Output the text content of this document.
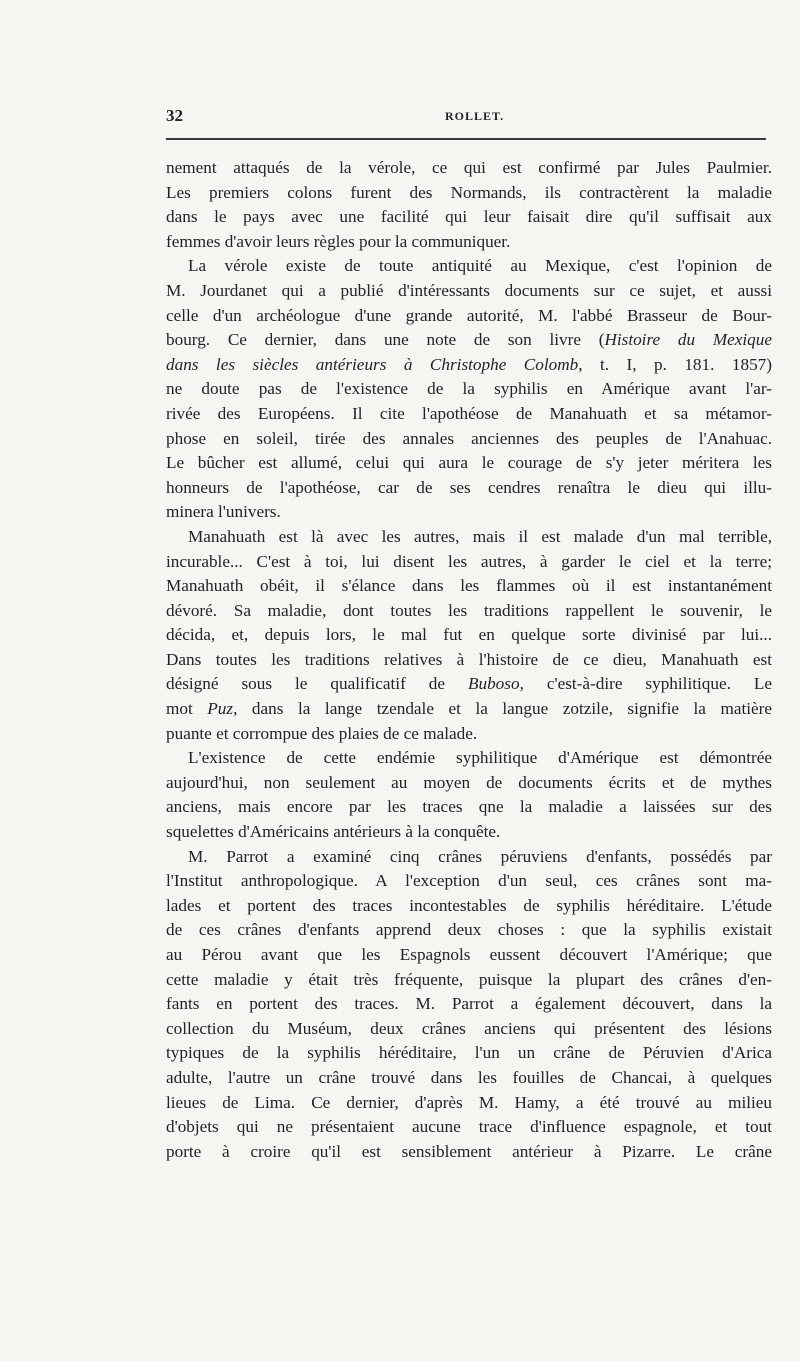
32	ROLLET.
nement attaqués de la vérole, ce qui est confirmé par Jules Paulmier.
Les premiers colons furent des Normands, ils contractèrent la maladie
dans le pays avec une facilité qui leur faisait dire qu'il suffisait aux
femmes d'avoir leurs règles pour la communiquer.
La vérole existe de toute antiquité au Mexique, c'est l'opinion de
M. Jourdanet qui a publié d'intéressants documents sur ce sujet, et aussi
celle d'un archéologue d'une grande autorité, M. l'abbé Brasseur de Bour-
bourg. Ce dernier, dans une note de son livre (Histoire du Mexique
dans les siècles antérieurs à Christophe Colomb, t. I, p. 181. 1857)
ne doute pas de l'existence de la syphilis en Amérique avant l'ar-
rivée des Européens. Il cite l'apothéose de Manahuath et sa métamor-
phose en soleil, tirée des annales anciennes des peuples de l'Anahuac.
Le bûcher est allumé, celui qui aura le courage de s'y jeter méritera les
honneurs de l'apothéose, car de ses cendres renaîtra le dieu qui illu-
minera l'univers.
Manahuath est là avec les autres, mais il est malade d'un mal terrible,
incurable... C'est à toi, lui disent les autres, à garder le ciel et la terre;
Manahuath obéit, il s'élance dans les flammes où il est instantanément
dévoré. Sa maladie, dont toutes les traditions rappellent le souvenir, le
décida, et, depuis lors, le mal fut en quelque sorte divinisé par lui...
Dans toutes les traditions relatives à l'histoire de ce dieu, Manahuath est
désigné sous le qualificatif de Buboso, c'est-à-dire syphilitique. Le
mot Puz, dans la lange tzendale et la langue zotzile, signifie la matière
puante et corrompue des plaies de ce malade.
L'existence de cette endémie syphilitique d'Amérique est démontrée
aujourd'hui, non seulement au moyen de documents écrits et de mythes
anciens, mais encore par les traces qne la maladie a laissées sur des
squelettes d'Américains antérieurs à la conquête.
M. Parrot a examiné cinq crânes péruviens d'enfants, possédés par
l'Institut anthropologique. A l'exception d'un seul, ces crânes sont ma-
lades et portent des traces incontestables de syphilis héréditaire. L'étude
de ces crânes d'enfants apprend deux choses : que la syphilis existait
au Pérou avant que les Espagnols eussent découvert l'Amérique; que
cette maladie y était très fréquente, puisque la plupart des crânes d'en-
fants en portent des traces. M. Parrot a également découvert, dans la
collection du Muséum, deux crânes anciens qui présentent des lésions
typiques de la syphilis héréditaire, l'un un crâne de Péruvien d'Arica
adulte, l'autre un crâne trouvé dans les fouilles de Chancai, à quelques
lieues de Lima. Ce dernier, d'après M. Hamy, a été trouvé au milieu
d'objets qui ne présentaient aucune trace d'influence espagnole, et tout
porte à croire qu'il est sensiblement antérieur à Pizarre. Le crâne
